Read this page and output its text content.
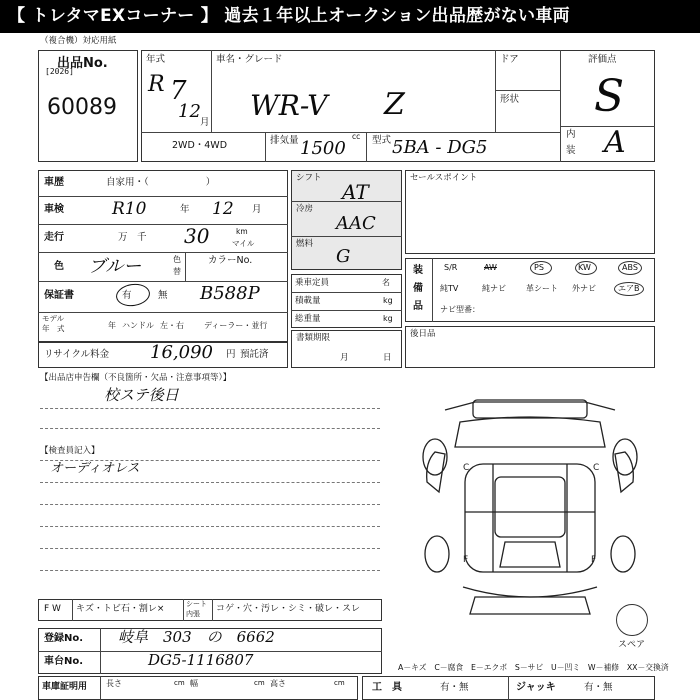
【 トレタマEXコーナー 】 過去１年以上オークション出品歴がない車両
（複合機）対応用紙
出品No.
[2026]
60089
年式
R 7
12
月
車名・グレード
WR-V Z
ドア
形状
評価点
S
内
装 A
2WD・4WD	排気量	cc
1500	型式 5BA - DG5
車歴	自家用・（　　　　　　）
車検	R10	年 12 月
走行	万　千 30	km
マイル
色 ブルー	色
替
カラーNo.
保証書	有	無 B588P
モデル
年　式	年 ハンドル 左・右	ディーラー・並行
リサイクル料金 16,090 円 預託済
シフト
AT
冷房
AAC
燃料
G
乗車定員	名
積載量	kg
総重量	kg
書類期限
月	日
セールスポイント
装
備
品
S/R	AW	PS	KW	ABS
純TV	純ナビ	革シート 外ナビ	エアB
ナビ型番：
後日品
【出品店申告欄（不良箇所・欠品・注意事項等）】
校ステ後日
【検査員記入】
オーディオレス	C	C
F	F
スペア
F W キズ・トビ石・割レ×	シート
内張 コゲ・穴・汚レ・シミ・破レ・スレ
登録No. 岐阜　303　の　6662
車台No.	DG5-1116807	A－キズ　C－腐食　E－エクボ　S－サビ　U－凹ミ　W－補修　XX－交換済
車庫証明用 長さ	cm 幅	cm 高さ	cm	工　具	有・無	ジャッキ	有・無
